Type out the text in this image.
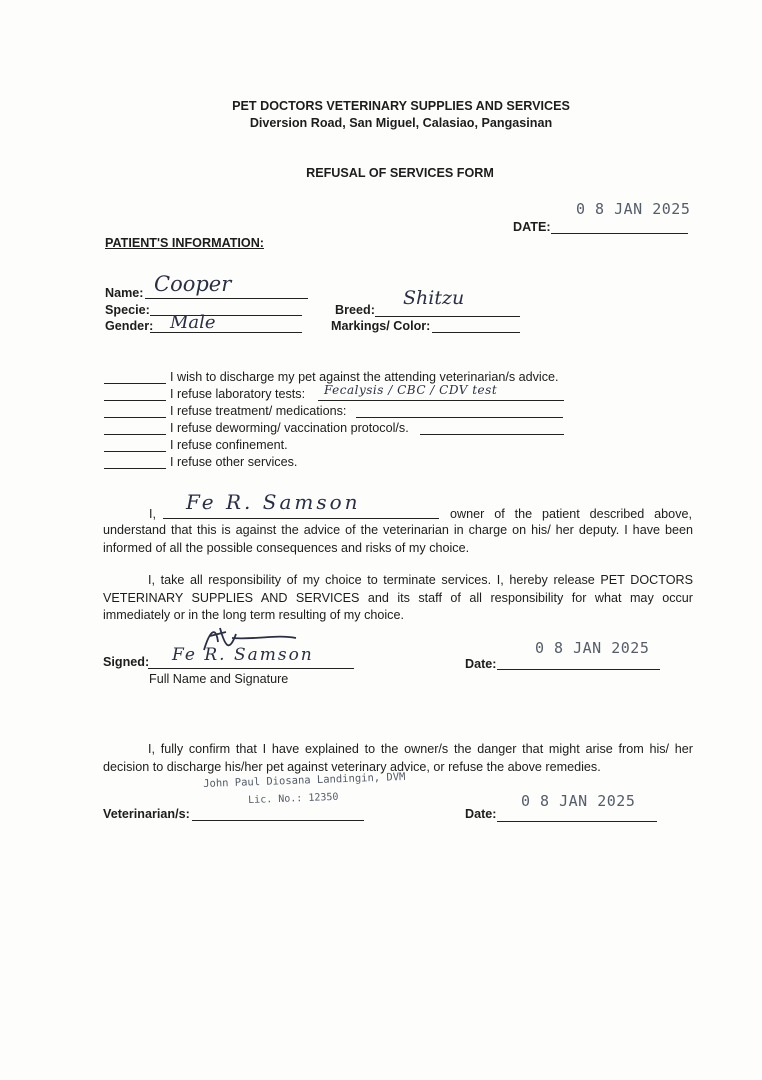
PET DOCTORS VETERINARY SUPPLIES AND SERVICES
Diversion Road, San Miguel, Calasiao, Pangasinan
REFUSAL OF SERVICES FORM
0 8 JAN 2025
DATE:
PATIENT'S INFORMATION:
Name: Cooper
Specie:
Gender: Male
Breed:
Shitzu
Markings/ Color:
I wish to discharge my pet against the attending veterinarian/s advice.
I refuse laboratory tests: Fecalysis / CBC / CDV test
I refuse treatment/ medications:
I refuse deworming/ vaccination protocol/s.
I refuse confinement.
I refuse other services.
I, Fe R. Samson	owner of the patient described above,
understand that this is against the advice of the veterinarian in charge on his/ her deputy. I have been informed of all the possible consequences and risks of my choice.
I, take all responsibility of my choice to terminate services. I, hereby release PET DOCTORS VETERINARY SUPPLIES AND SERVICES and its staff of all responsibility for what may occur immediately or in the long term resulting of my choice.
Signed: Fe R. Samson
Full Name and Signature
0 8 JAN 2025
Date:
I, fully confirm that I have explained to the owner/s the danger that might arise from his/ her decision to discharge his/her pet against veterinary advice, or refuse the above remedies.
Veterinarian/s:
John Paul Diosana Landingin, DVM
Lic. No.: 12350	0 8 JAN 2025
Date:
